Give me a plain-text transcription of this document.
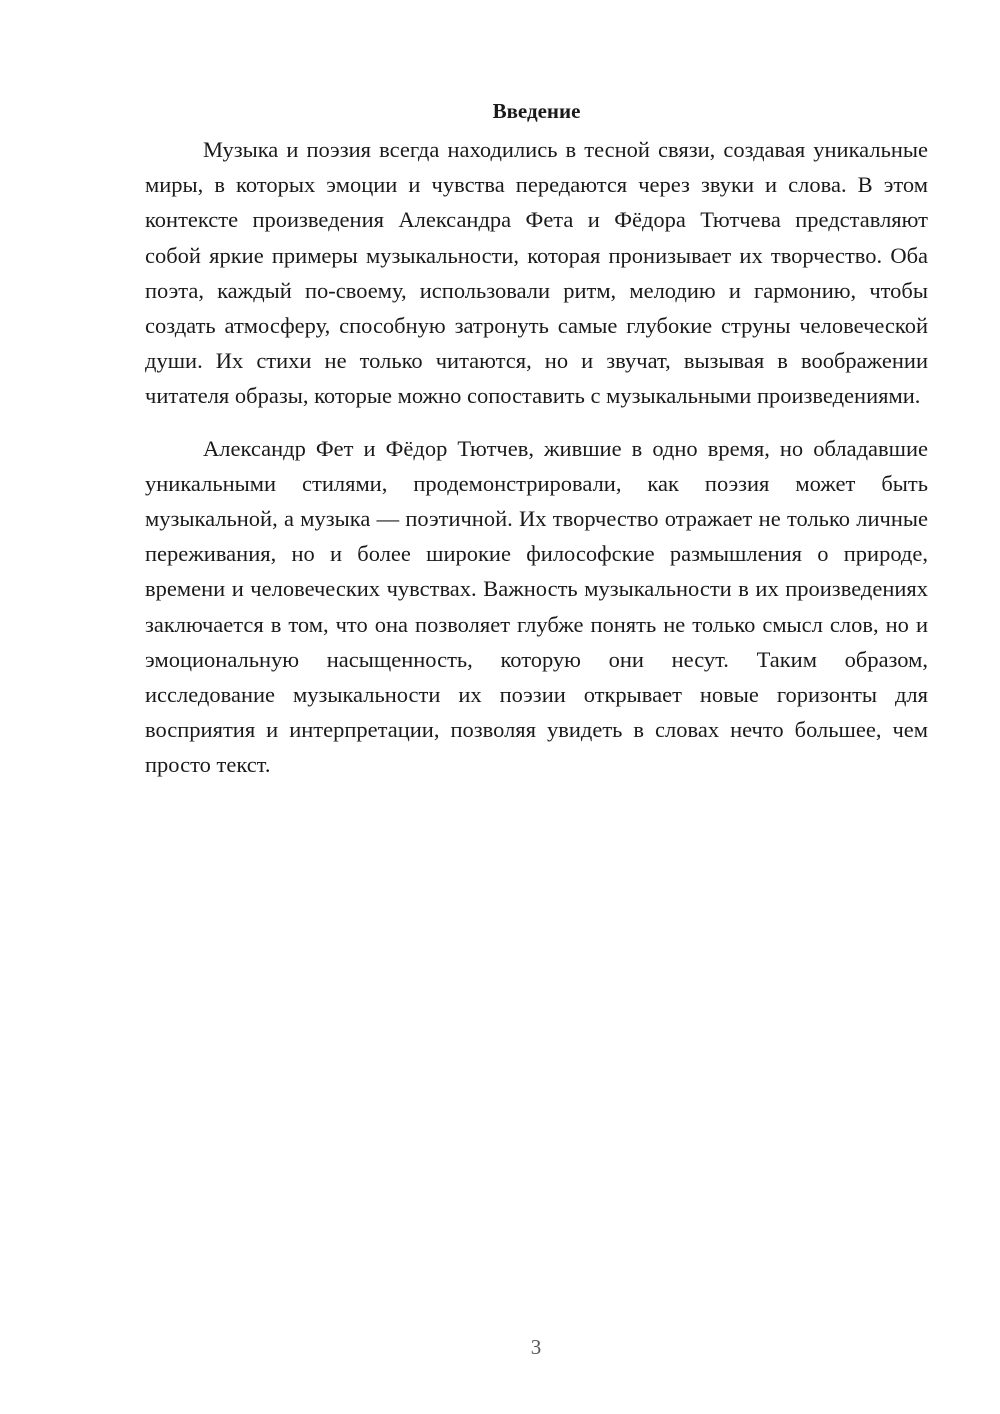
Введение

Музыка и поэзия всегда находились в тесной связи, создавая уникальные миры, в которых эмоции и чувства передаются через звуки и слова. В этом контексте произведения Александра Фета и Фёдора Тютчева представляют собой яркие примеры музыкальности, которая пронизывает их творчество. Оба поэта, каждый по-своему, использовали ритм, мелодию и гармонию, чтобы создать атмосферу, способную затронуть самые глубокие струны человеческой души. Их стихи не только читаются, но и звучат, вызывая в воображении читателя образы, которые можно сопоставить с музыкальными произведениями.

Александр Фет и Фёдор Тютчев, жившие в одно время, но обладавшие уникальными стилями, продемонстрировали, как поэзия может быть музыкальной, а музыка — поэтичной. Их творчество отражает не только личные переживания, но и более широкие философские размышления о природе, времени и человеческих чувствах. Важность музыкальности в их произведениях заключается в том, что она позволяет глубже понять не только смысл слов, но и эмоциональную насыщенность, которую они несут. Таким образом, исследование музыкальности их поэзии открывает новые горизонты для восприятия и интерпретации, позволяя увидеть в словах нечто большее, чем просто текст.

3
